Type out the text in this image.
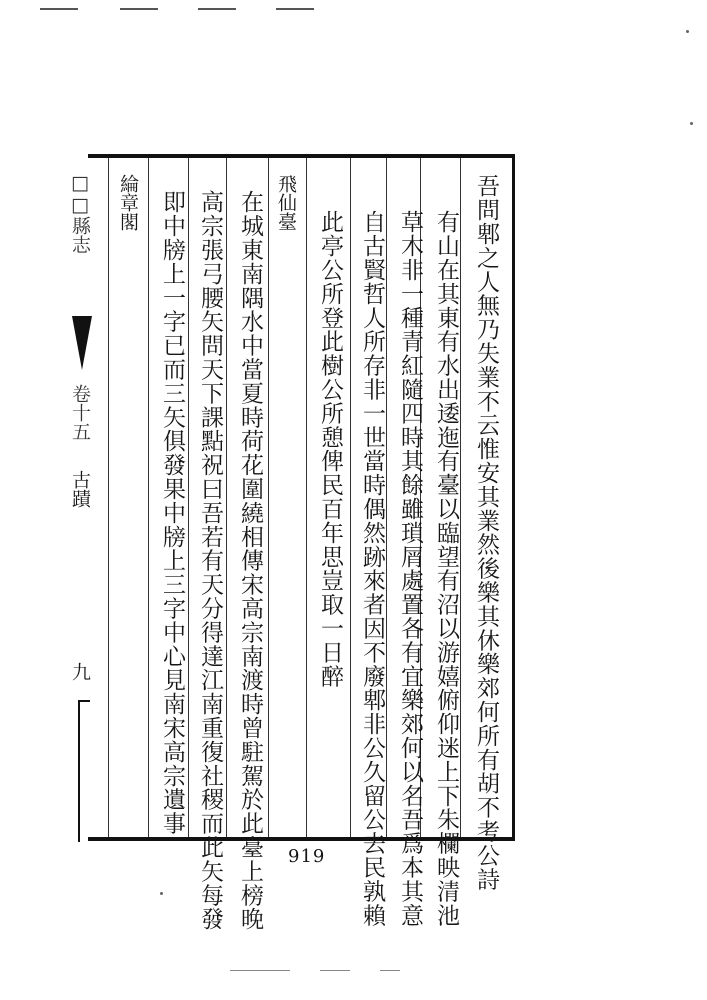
吾問郫之人無乃失業不云惟安其業然後樂其休樂郊何所有胡不考公詩
有山在其東有水出逶迤有臺以臨望有沼以游嬉俯仰迷上下朱欄映清池
草木非一種青紅隨四時其餘雖瑣屑處置各有宜樂郊何以名吾爲本其意
自古賢哲人所存非一世當時偶然跡來者因不廢郫非公久留公去民孰賴
此亭公所登此樹公所憩俾民百年思豈取一日醉
飛仙臺
在城東南隅水中當夏時荷花圍繞相傳宋高宗南渡時曾駐駕於此臺上榜晚
高宗張弓腰矢問天下課點祝曰吾若有天分得達江南重復社稷而此矢每發
即中牓上一字已而三矢俱發果中牓上三字中心見南宋高宗遺事
綸章閣
□□縣志
卷十五
古蹟
九
919
